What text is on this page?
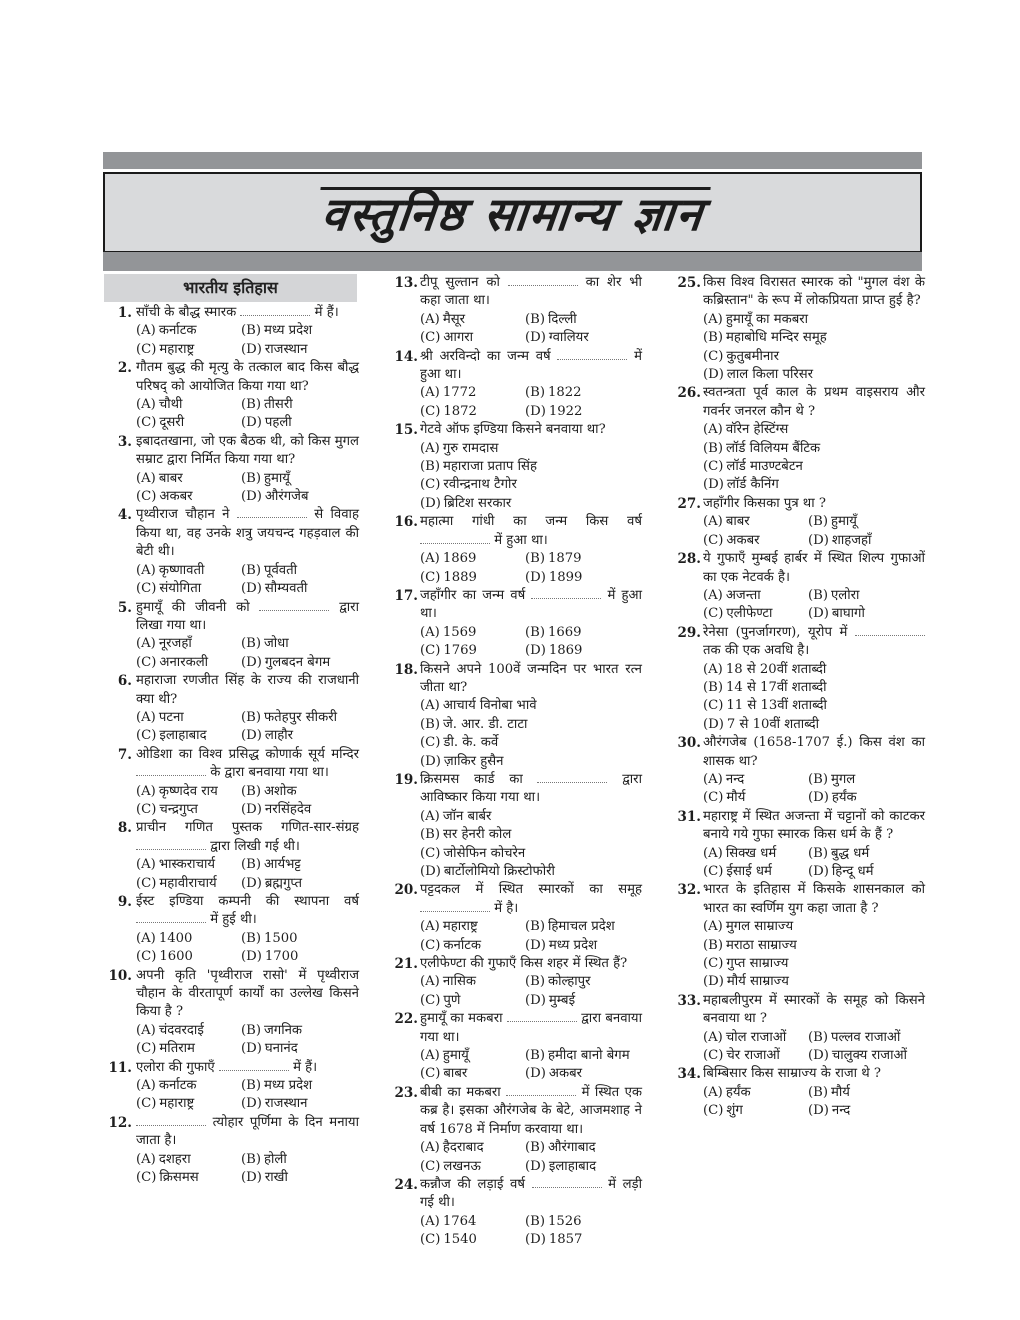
वस्तुनिष्ठ सामान्य ज्ञान
भारतीय इतिहास
1. साँची के बौद्ध स्मारक	में हैं।
(A) कर्नाटक	(B) मध्य प्रदेश
(C) महाराष्ट्र	(D) राजस्थान
2. गौतम बुद्ध की मृत्यु के तत्काल बाद किस बौद्ध परिषद् को आयोजित किया गया था?
(A) चौथी	(B) तीसरी
(C) दूसरी	(D) पहली
3. इबादतखाना, जो एक बैठक थी, को किस मुगल सम्राट द्वारा निर्मित किया गया था?
(A) बाबर	(B) हुमायूँ
(C) अकबर	(D) औरंगजेब
4. पृथ्वीराज चौहान ने	से विवाह किया था, वह उनके शत्रु जयचन्द गहड़वाल की बेटी थी।
(A) कृष्णावती	(B) पूर्ववती
(C) संयोगिता	(D) सौम्यवती
5. हुमायूँ की जीवनी को	द्वारा लिखा गया था।
(A) नूरजहाँ	(B) जोधा
(C) अनारकली	(D) गुलबदन बेगम
6. महाराजा रणजीत सिंह के राज्य की राजधानी क्या थी?
(A) पटना	(B) फतेहपुर सीकरी
(C) इलाहाबाद	(D) लाहौर
7. ओडिशा का विश्व प्रसिद्ध कोणार्क सूर्य मन्दिर  के द्वारा बनवाया गया था।
(A) कृष्णदेव राय	(B) अशोक
(C) चन्द्रगुप्त	(D) नरसिंहदेव
8. प्राचीन गणित पुस्तक गणित-सार-संग्रह  द्वारा लिखी गई थी।
(A) भास्कराचार्य	(B) आर्यभट्ट
(C) महावीराचार्य	(D) ब्रह्मगुप्त
9. ईस्ट इण्डिया कम्पनी की स्थापना वर्ष  में हुई थी।
(A) 1400	(B) 1500
(C) 1600	(D) 1700
10. अपनी कृति 'पृथ्वीराज रासो' में पृथ्वीराज चौहान के वीरतापूर्ण कार्यों का उल्लेख किसने किया है ?
(A) चंदवरदाई	(B) जगनिक
(C) मतिराम	(D) घनानंद
11. एलोरा की गुफाएँ	में हैं।
(A) कर्नाटक	(B) मध्य प्रदेश
(C) महाराष्ट्र	(D) राजस्थान
12.	त्योहार पूर्णिमा के दिन मनाया जाता है।
(A) दशहरा	(B) होली
(C) क्रिसमस	(D) राखी
13. टीपू सुल्तान को	का शेर भी कहा जाता था।
(A) मैसूर	(B) दिल्ली
(C) आगरा	(D) ग्वालियर
14. श्री अरविन्दो का जन्म वर्ष	में हुआ था।
(A) 1772	(B) 1822
(C) 1872	(D) 1922
15. गेटवे ऑफ इण्डिया किसने बनवाया था?
(A) गुरु रामदास
(B) महाराजा प्रताप सिंह
(C) रवीन्द्रनाथ टैगोर
(D) ब्रिटिश सरकार
16. महात्मा गांधी का जन्म किस वर्ष  में हुआ था।
(A) 1869	(B) 1879
(C) 1889	(D) 1899
17. जहाँगीर का जन्म वर्ष	में हुआ था।
(A) 1569	(B) 1669
(C) 1769	(D) 1869
18. किसने अपने 100वें जन्मदिन पर भारत रत्न जीता था?
(A) आचार्य विनोबा भावे
(B) जे. आर. डी. टाटा
(C) डी. के. कर्वे
(D) ज़ाकिर हुसैन
19. क्रिसमस कार्ड का	द्वारा आविष्कार किया गया था।
(A) जॉन बार्बर
(B) सर हेनरी कोल
(C) जोसेफिन कोचरेन
(D) बार्टोलोमियो क्रिस्टोफोरी
20. पट्टदकल में स्थित स्मारकों का समूह  में है।
(A) महाराष्ट्र	(B) हिमाचल प्रदेश
(C) कर्नाटक	(D) मध्य प्रदेश
21. एलीफेण्टा की गुफाएँ किस शहर में स्थित हैं?
(A) नासिक	(B) कोल्हापुर
(C) पुणे	(D) मुम्बई
22. हुमायूँ का मकबरा	द्वारा बनवाया गया था।
(A) हुमायूँ	(B) हमीदा बानो बेगम
(C) बाबर	(D) अकबर
23. बीबी का मकबरा	में स्थित एक कब्र है। इसका औरंगजेब के बेटे, आजमशाह ने वर्ष 1678 में निर्माण करवाया था।
(A) हैदराबाद	(B) औरंगाबाद
(C) लखनऊ	(D) इलाहाबाद
24. कन्नौज की लड़ाई वर्ष	में लड़ी गई थी।
(A) 1764	(B) 1526
(C) 1540	(D) 1857
25. किस विश्व विरासत स्मारक को "मुगल वंश के कब्रिस्तान" के रूप में लोकप्रियता प्राप्त हुई है?
(A) हुमायूँ का मकबरा
(B) महाबोधि मन्दिर समूह
(C) कुतुबमीनार
(D) लाल किला परिसर
26. स्वतन्त्रता पूर्व काल के प्रथम वाइसराय और गवर्नर जनरल कौन थे ?
(A) वॉरेन हेस्टिंग्स
(B) लॉर्ड विलियम बैंटिक
(C) लॉर्ड माउण्टबेटन
(D) लॉर्ड कैनिंग
27. जहाँगीर किसका पुत्र था ?
(A) बाबर	(B) हुमायूँ
(C) अकबर	(D) शाहजहाँ
28. ये गुफाएँ मुम्बई हार्बर में स्थित शिल्प गुफाओं का एक नेटवर्क है।
(A) अजन्ता	(B) एलोरा
(C) एलीफेण्टा	(D) बाघागो
29. रेनेसा (पुनर्जागरण), यूरोप में  तक की एक अवधि है।
(A) 18 से 20वीं शताब्दी
(B) 14 से 17वीं शताब्दी
(C) 11 से 13वीं शताब्दी
(D) 7 से 10वीं शताब्दी
30. औरंगजेब (1658-1707 ई.) किस वंश का शासक था?
(A) नन्द	(B) मुगल
(C) मौर्य	(D) हर्यंक
31. महाराष्ट्र में स्थित अजन्ता में चट्टानों को काटकर बनाये गये गुफा स्मारक किस धर्म के हैं ?
(A) सिक्ख धर्म	(B) बुद्ध धर्म
(C) ईसाई धर्म	(D) हिन्दू धर्म
32. भारत के इतिहास में किसके शासनकाल को भारत का स्वर्णिम युग कहा जाता है ?
(A) मुगल साम्राज्य
(B) मराठा साम्राज्य
(C) गुप्त साम्राज्य
(D) मौर्य साम्राज्य
33. महाबलीपुरम में स्मारकों के समूह को किसने बनवाया था ?
(A) चोल राजाओं	(B) पल्लव राजाओं
(C) चेर राजाओं	(D) चालुक्य राजाओं
34. बिम्बिसार किस साम्राज्य के राजा थे ?
(A) हर्यंक	(B) मौर्य
(C) शुंग	(D) नन्द
